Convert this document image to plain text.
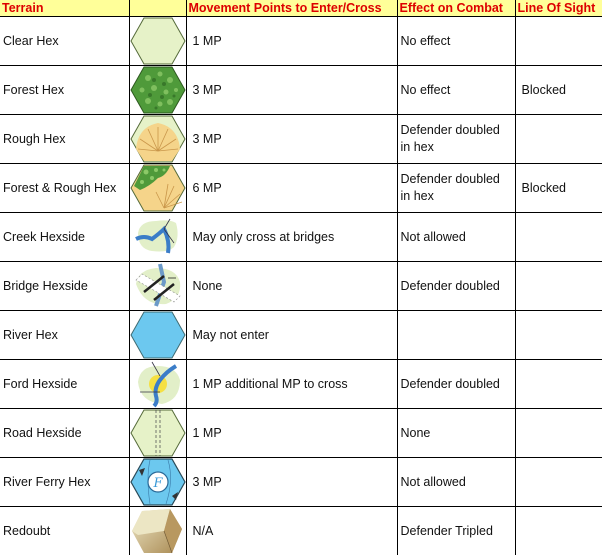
Terrain		Movement Points to Enter/Cross	Effect on Combat	Line Of Sight
Clear Hex		1 MP	No effect	
Forest Hex		3 MP	No effect	Blocked
Rough Hex		3 MP	Defender doubled
in hex	
Forest & Rough Hex		6 MP	Defender doubled
in hex	Blocked
Creek Hexside		May only cross at bridges	Not allowed	
Bridge Hexside		None	Defender doubled	
River Hex		May not enter		
Ford Hexside		1 MP additional MP to cross	Defender doubled	
Road Hexside		1 MP	None	
River Ferry Hex	F	3 MP	Not allowed	
Redoubt		N/A	Defender Tripled	
